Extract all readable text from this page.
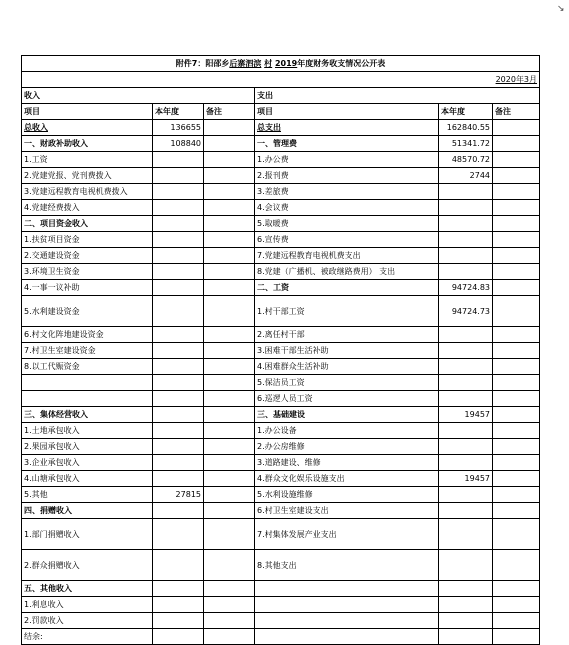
↘
附件7：阳邵乡后寨泗滨 村 2019年度财务收支情况公开表					
2020年3月					
收入			支出		
项目	本年度	备注	项目	本年度	备注
总收入	136655		总支出	162840.55	
一、财政补助收入	108840		一、管理费	51341.72	
1.工资			1.办公费	48570.72	
2.党建党报、党刊费拨入			2.报刊费	2744	
3.党建远程教育电视机费拨入			3.差旅费		
4.党建经费拨入			4.会议费		
二、项目资金收入			5.取暖费		
1.扶贫项目资金			6.宣传费		
2.交通建设资金			7.党建远程教育电视机费支出		
3.环境卫生资金			8.党建（广播机、被政继路费用） 支出		
4.一事一议补助			二、工资	94724.83	
5.水利建设资金			1.村干部工资	94724.73	
6.村文化阵地建设资金			2.离任村干部		
7.村卫生室建设资金			3.困难干部生活补助		
8.以工代赈资金			4.困难群众生活补助		
			5.保洁员工资		
			6.巡逻人员工资		
三、集体经营收入			三、基础建设	19457	
1.土地承包收入			1.办公设备		
2.果园承包收入			2.办公房维修		
3.企业承包收入			3.道路建设、维修		
4.山塘承包收入			4.群众文化娱乐设施支出	19457	
5.其他	27815		5.水利设施维修		
四、捐赠收入			6.村卫生室建设支出		
1.部门捐赠收入			7.村集体发展产业支出		
2.群众捐赠收入			8.其他支出		
五、其他收入					
1.利息收入					
2.罚款收入					
结余:					
